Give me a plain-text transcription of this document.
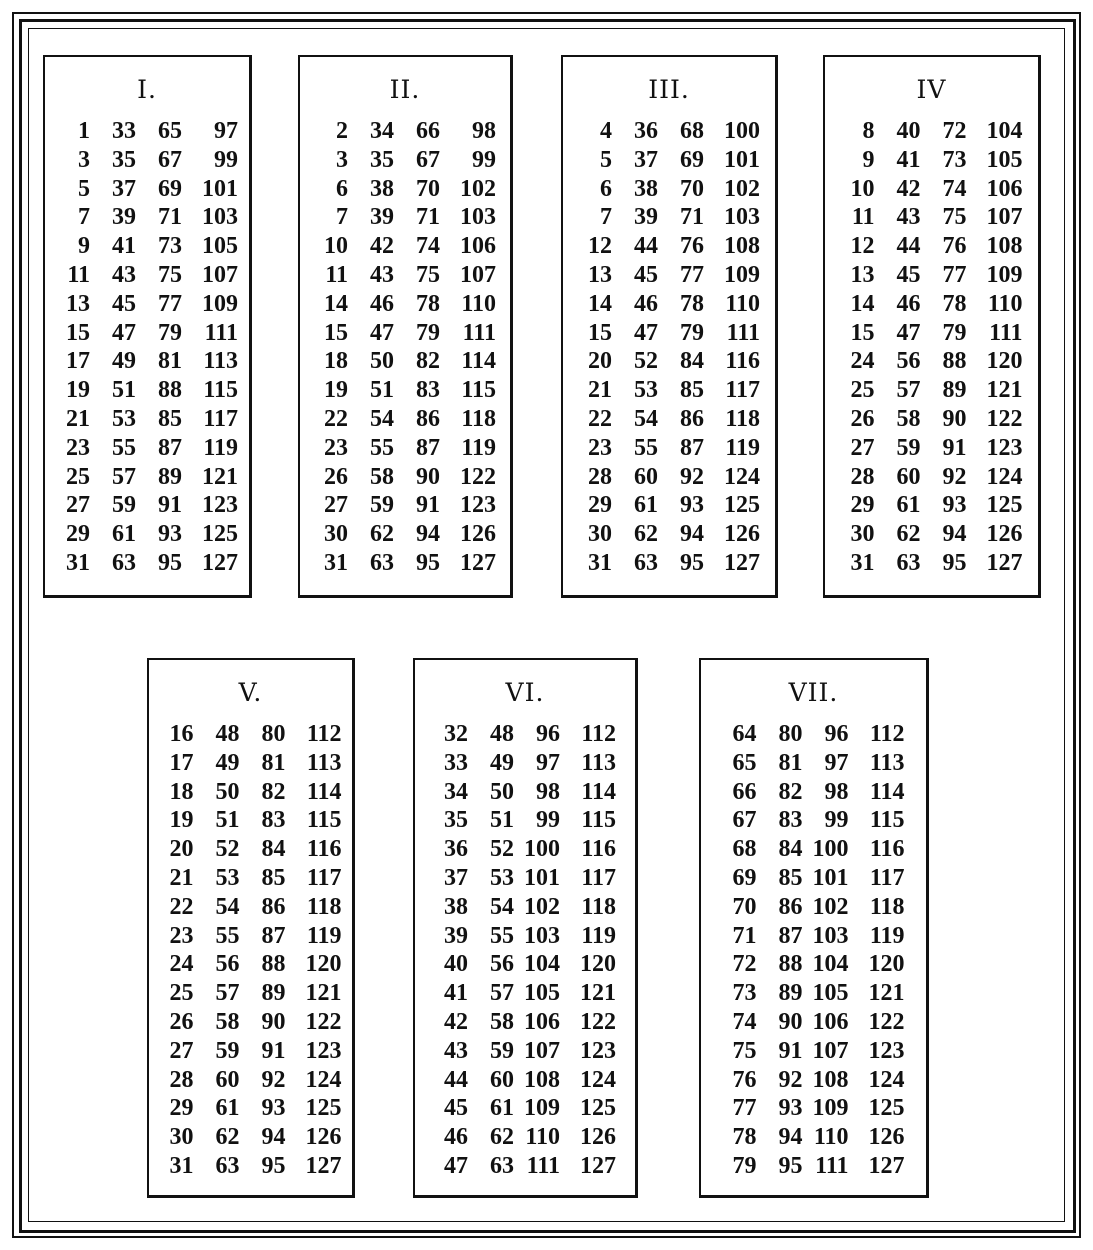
I.
1 33 65	97
3 35 67	99
5 37 69 101
7 39 71 103
9 41 73 105
11 43 75 107
13 45 77 109
15 47 79 111
17 49 81 113
19 51 88 115
21 53 85 117
23 55 87 119
25 57 89 121
27 59 91 123
29 61 93 125
31 63 95 127
II.
2 34 66	98
3 35 67	99
6 38 70 102
7 39 71 103
10 42 74 106
11 43 75 107
14 46 78 110
15 47 79 111
18 50 82 114
19 51 83 115
22 54 86 118
23 55 87 119
26 58 90 122
27 59 91 123
30 62 94 126
31 63 95 127
III.
4 36 68 100
5 37 69 101
6 38 70 102
7 39 71 103
12 44 76 108
13 45 77 109
14 46 78 110
15 47 79 111
20 52 84 116
21 53 85 117
22 54 86 118
23 55 87 119
28 60 92 124
29 61 93 125
30 62 94 126
31 63 95 127
IV
8 40 72 104
9 41 73 105
10 42 74 106
11 43 75 107
12 44 76 108
13 45 77 109
14 46 78 110
15 47 79 111
24 56 88 120
25 57 89 121
26 58 90 122
27 59 91 123
28 60 92 124
29 61 93 125
30 62 94 126
31 63 95 127
V.
16 48 80 112
17 49 81 113
18 50 82 114
19 51 83 115
20 52 84 116
21 53 85 117
22 54 86 118
23 55 87 119
24 56 88 120
25 57 89 121
26 58 90 122
27 59 91 123
28 60 92 124
29 61 93 125
30 62 94 126
31 63 95 127
VI.
32 48 96 112
33 49 97 113
34 50 98 114
35 51 99 115
36 52 100 116
37 53 101 117
38 54 102 118
39 55 103 119
40 56 104 120
41 57 105 121
42 58 106 122
43 59 107 123
44 60 108 124
45 61 109 125
46 62 110 126
47 63 111 127
VII.
64 80 96 112
65 81 97 113
66 82 98 114
67 83 99 115
68 84 100 116
69 85 101 117
70 86 102 118
71 87 103 119
72 88 104 120
73 89 105 121
74 90 106 122
75 91 107 123
76 92 108 124
77 93 109 125
78 94 110 126
79 95 111 127
